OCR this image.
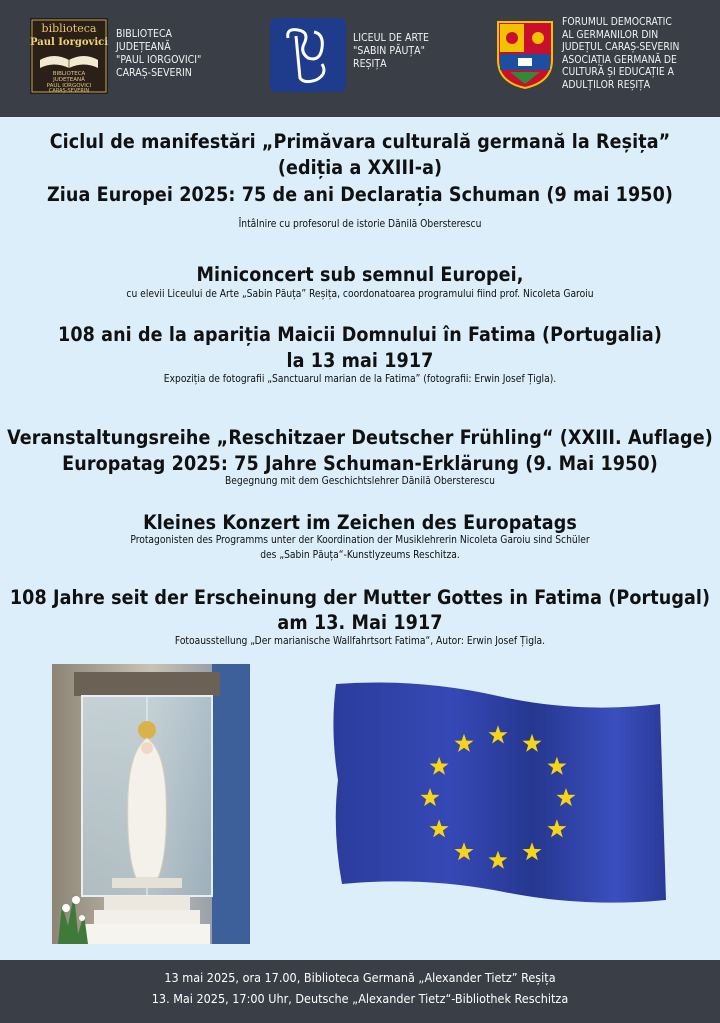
biblioteca
Paul Iorgovici
BIBLIOTECA
JUDEȚEANĂ
PAUL IORGOVICI
CARAȘ-SEVERIN
BIBLIOTECA
JUDEȚEANĂ
"PAUL IORGOVICI"
CARAȘ-SEVERIN
LICEUL DE ARTE
"SABIN PĂUȚA"
REȘIȚA
FORUMUL DEMOCRATIC
AL GERMANILOR DIN
JUDEȚUL CARAȘ-SEVERIN
ASOCIAȚIA GERMANĂ DE
CULTURĂ ȘI EDUCAȚIE A
ADULȚILOR REȘIȚA
Ciclul de manifestări „Primăvara culturală germană la Reșița”
(ediția a XXIII-a)
Ziua Europei 2025: 75 de ani Declarația Schuman (9 mai 1950)
Întâlnire cu profesorul de istorie Dănilă Obersterescu
Miniconcert sub semnul Europei,
cu elevii Liceului de Arte „Sabin Păuța” Reșița, coordonatoarea programului fiind prof. Nicoleta Garoiu
108 ani de la apariția Maicii Domnului în Fatima (Portugalia)
la 13 mai 1917
Expoziția de fotografii „Sanctuarul marian de la Fatima” (fotografii: Erwin Josef Țigla).
Veranstaltungsreihe „Reschitzaer Deutscher Frühling“ (XXIII. Auflage)
Europatag 2025: 75 Jahre Schuman-Erklärung (9. Mai 1950)
Begegnung mit dem Geschichtslehrer Dănilă Obersterescu
Kleines Konzert im Zeichen des Europatags
Protagonisten des Programms unter der Koordination der Musiklehrerin Nicoleta Garoiu sind Schüler
des „Sabin Păuța“-Kunstlyzeums Reschitza.
108 Jahre seit der Erscheinung der Mutter Gottes in Fatima (Portugal)
am 13. Mai 1917
Fotoausstellung „Der marianische Wallfahrtsort Fatima“, Autor: Erwin Josef Țigla.
13 mai 2025, ora 17.00, Biblioteca Germană „Alexander Tietz” Reșița
13. Mai 2025, 17:00 Uhr, Deutsche „Alexander Tietz“-Bibliothek Reschitza
